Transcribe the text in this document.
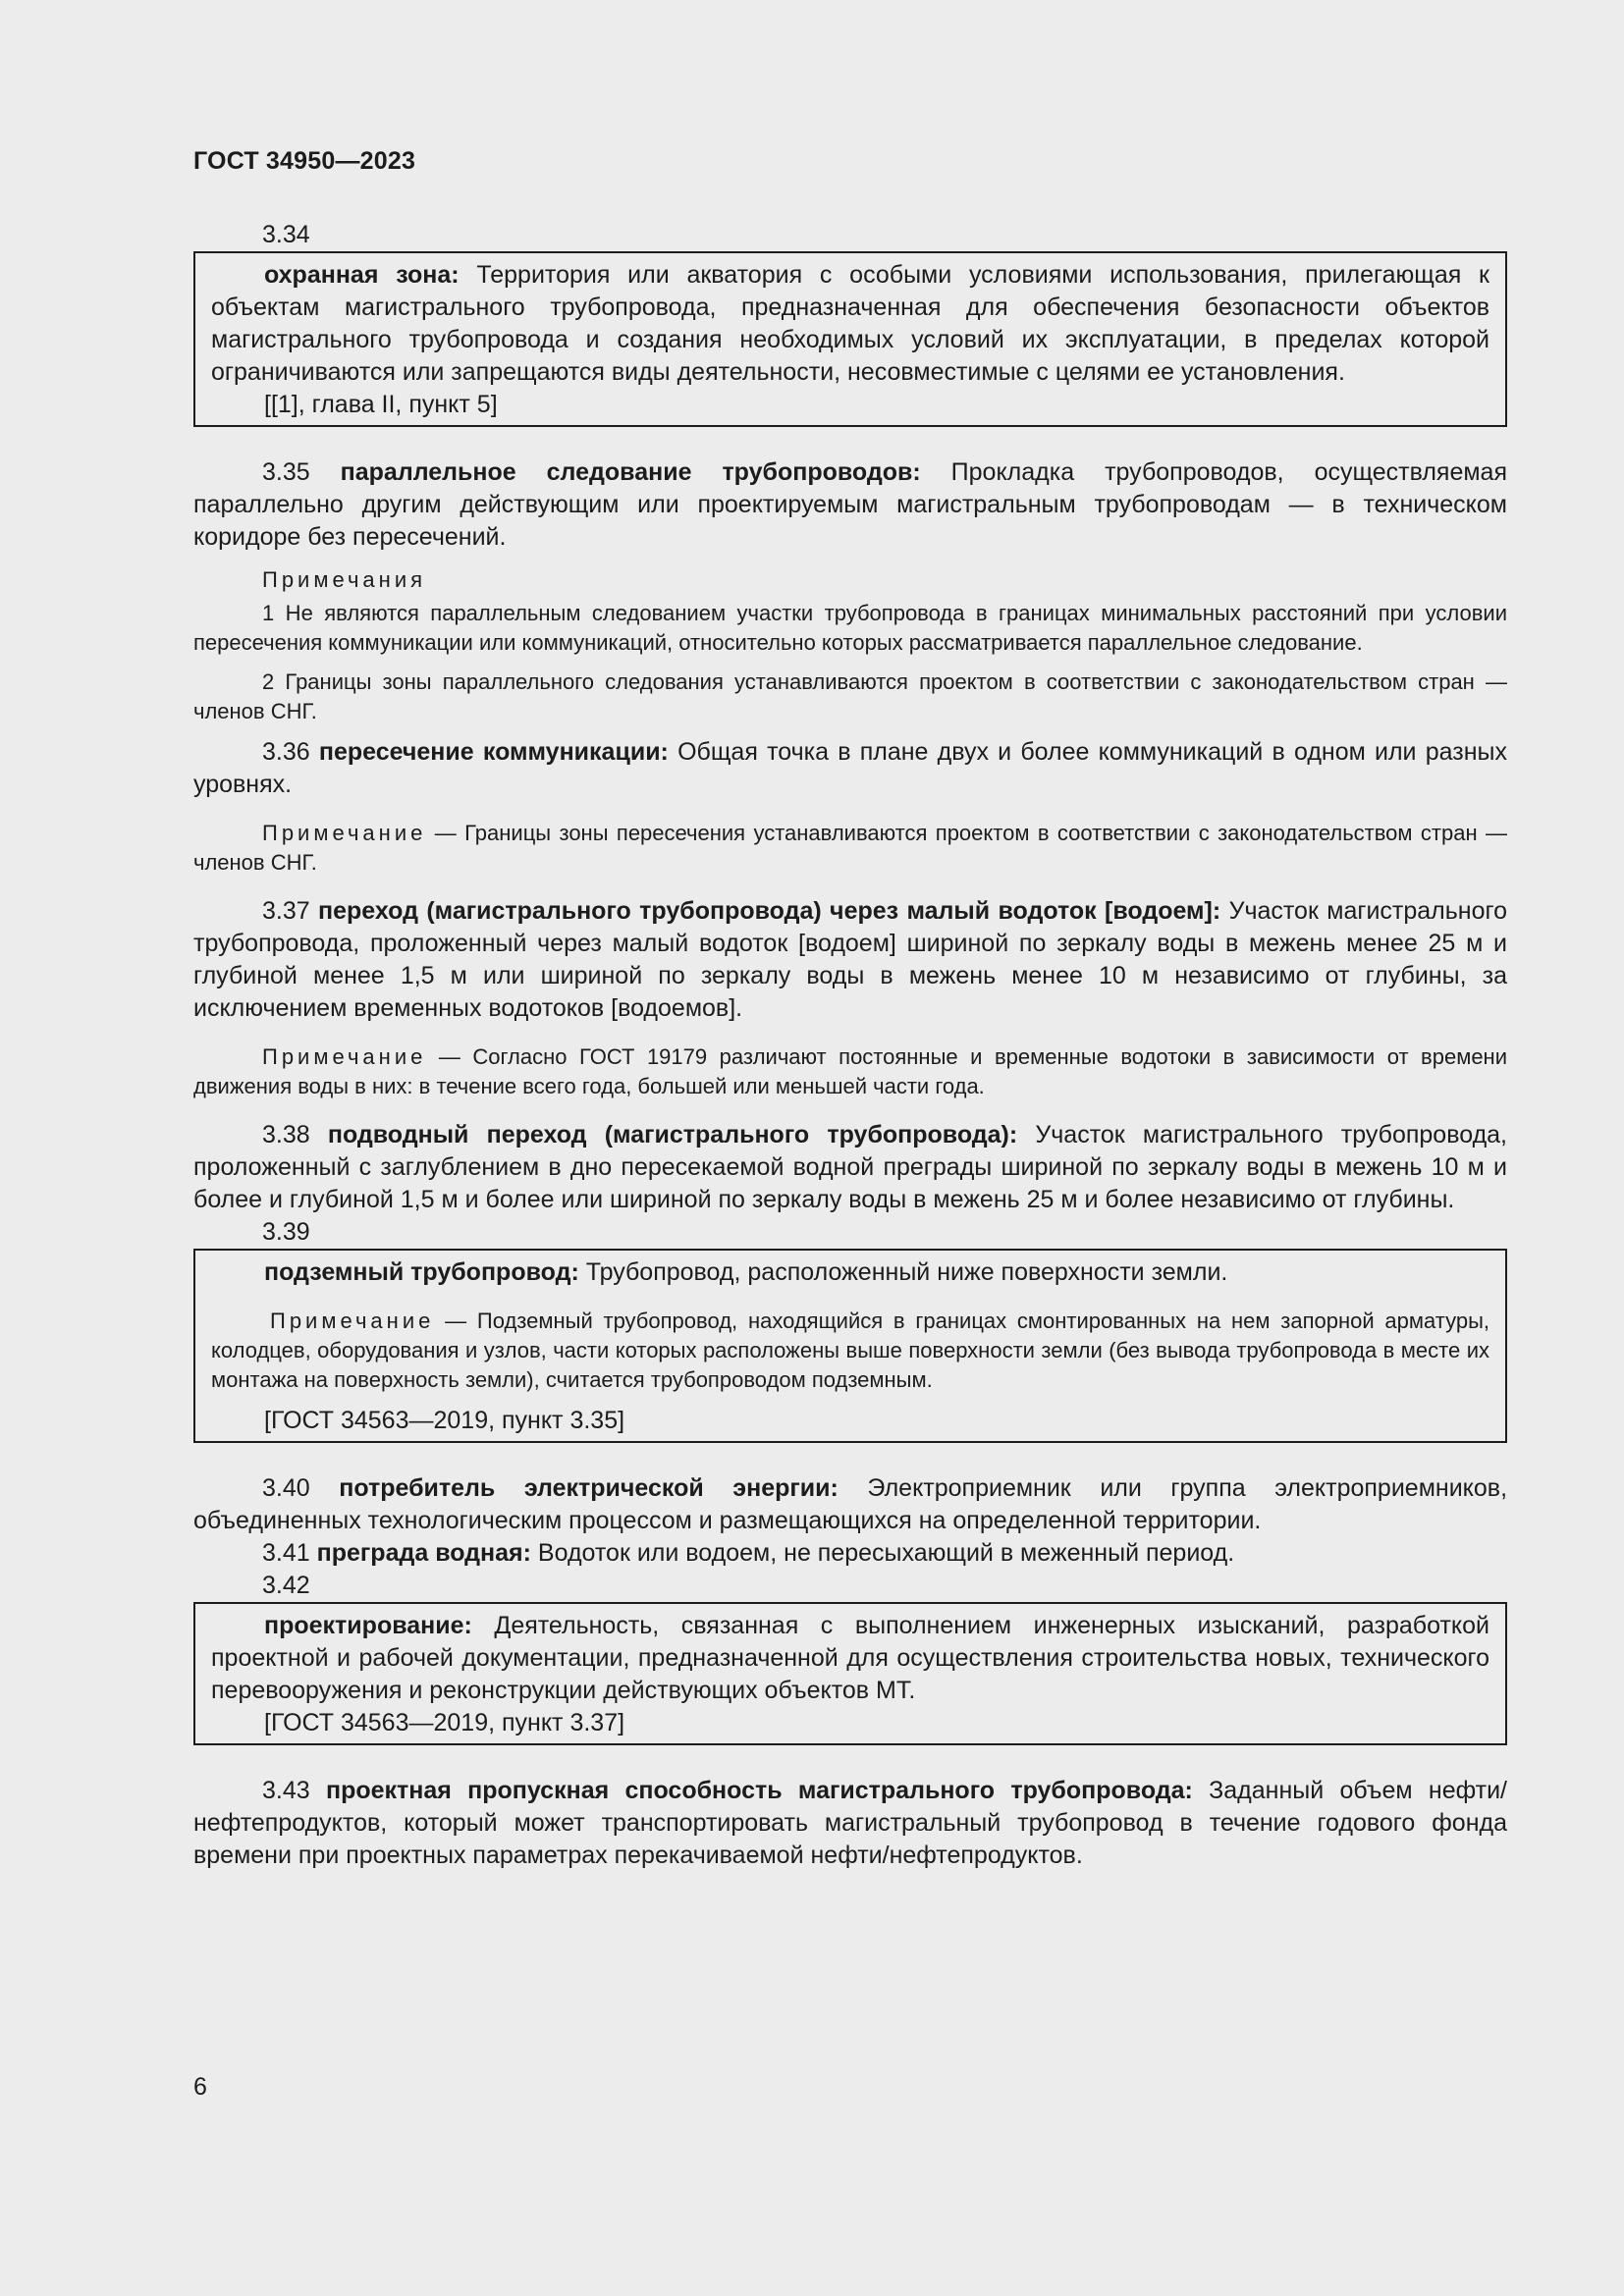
ГОСТ 34950—2023
3.34

охранная зона: Территория или акватория с особыми условиями использования, прилегающая к объектам магистрального трубопровода, предназначенная для обеспечения безопасности объектов магистрального трубопровода и создания необходимых условий их эксплуатации, в пределах которой ограничиваются или запрещаются виды деятельности, несовместимые с целями ее установления.

[[1], глава II, пункт 5]

3.35 параллельное следование трубопроводов: Прокладка трубопроводов, осуществляемая параллельно другим действующим или проектируемым магистральным трубопроводам — в техническом коридоре без пересечений.

Примечания

1 Не являются параллельным следованием участки трубопровода в границах минимальных расстояний при условии пересечения коммуникации или коммуникаций, относительно которых рассматривается параллельное следование.

2 Границы зоны параллельного следования устанавливаются проектом в соответствии с законодательством стран — членов СНГ.

3.36 пересечение коммуникации: Общая точка в плане двух и более коммуникаций в одном или разных уровнях.

Примечание — Границы зоны пересечения устанавливаются проектом в соответствии с законодательством стран — членов СНГ.

3.37 переход (магистрального трубопровода) через малый водоток [водоем]: Участок магистрального трубопровода, проложенный через малый водоток [водоем] шириной по зеркалу воды в межень менее 25 м и глубиной менее 1,5 м или шириной по зеркалу воды в межень менее 10 м независимо от глубины, за исключением временных водотоков [водоемов].

Примечание — Согласно ГОСТ 19179 различают постоянные и временные водотоки в зависимости от времени движения воды в них: в течение всего года, большей или меньшей части года.

3.38 подводный переход (магистрального трубопровода): Участок магистрального трубопровода, проложенный с заглублением в дно пересекаемой водной преграды шириной по зеркалу воды в межень 10 м и более и глубиной 1,5 м и более или шириной по зеркалу воды в межень 25 м и более независимо от глубины.

3.39

подземный трубопровод: Трубопровод, расположенный ниже поверхности земли.

Примечание — Подземный трубопровод, находящийся в границах смонтированных на нем запорной арматуры, колодцев, оборудования и узлов, части которых расположены выше поверхности земли (без вывода трубопровода в месте их монтажа на поверхность земли), считается трубопроводом подземным.

[ГОСТ 34563—2019, пункт 3.35]

3.40 потребитель электрической энергии: Электроприемник или группа электроприемников, объединенных технологическим процессом и размещающихся на определенной территории.

3.41 преграда водная: Водоток или водоем, не пересыхающий в меженный период.

3.42

проектирование: Деятельность, связанная с выполнением инженерных изысканий, разработкой проектной и рабочей документации, предназначенной для осуществления строительства новых, технического перевооружения и реконструкции действующих объектов МТ.

[ГОСТ 34563—2019, пункт 3.37]

3.43 проектная пропускная способность магистрального трубопровода: Заданный объем нефти/нефтепродуктов, который может транспортировать магистральный трубопровод в течение годового фонда времени при проектных параметрах перекачиваемой нефти/нефтепродуктов.

6
